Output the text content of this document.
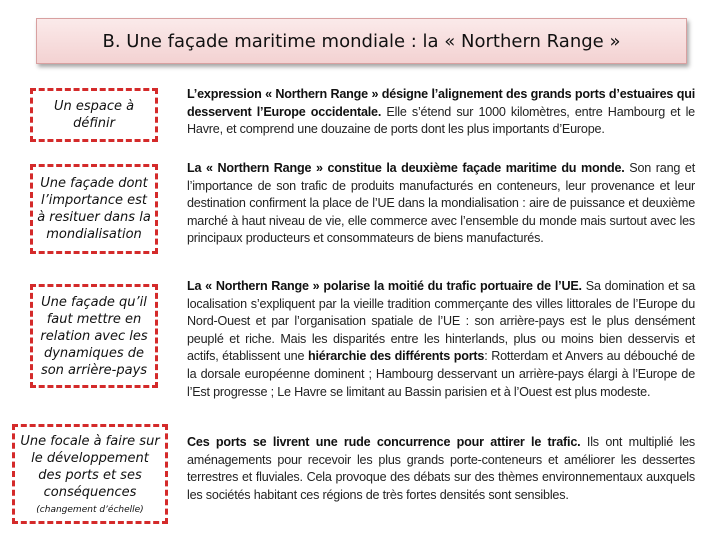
B. Une façade maritime mondiale : la « Northern Range »
Un espace à définir
Une façade dont l’importance est à resituer dans la mondialisation
Une façade qu’il faut mettre en relation avec les dynamiques de son arrière-pays
Une focale à faire sur le développement des ports et ses conséquences
(changement d’échelle)
L’expression « Northern Range » désigne l’alignement des grands ports d’estuaires qui desservent l’Europe occidentale. Elle s’étend sur 1000 kilomètres, entre Hambourg et le Havre, et comprend une douzaine de ports dont les plus importants d’Europe.
La « Northern Range » constitue la deuxième façade maritime du monde. Son rang et l’importance de son trafic de produits manufacturés en conteneurs, leur provenance et leur destination confirment la place de l’UE dans la mondialisation : aire de puissance et deuxième marché à haut niveau de vie, elle commerce avec l’ensemble du monde mais surtout avec les principaux producteurs et consommateurs de biens manufacturés.
La « Northern Range » polarise la moitié du trafic portuaire de l’UE. Sa domination et sa localisation s’expliquent par la vieille tradition commerçante des villes littorales de l’Europe du Nord-Ouest et par l’organisation spatiale de l’UE : son arrière-pays est le plus densément peuplé et riche. Mais les disparités entre les hinterlands, plus ou moins bien desservis et actifs, établissent une hiérarchie des différents ports: Rotterdam et Anvers au débouché de la dorsale européenne dominent ; Hambourg desservant un arrière-pays élargi à l’Europe de l’Est progresse ; Le Havre se limitant au Bassin parisien et à l’Ouest est plus modeste.
Ces ports se livrent une rude concurrence pour attirer le trafic. Ils ont multiplié les aménagements pour recevoir les plus grands porte-conteneurs et améliorer les dessertes terrestres et fluviales. Cela provoque des débats sur des thèmes environnementaux auxquels les sociétés habitant ces régions de très fortes densités sont sensibles.
